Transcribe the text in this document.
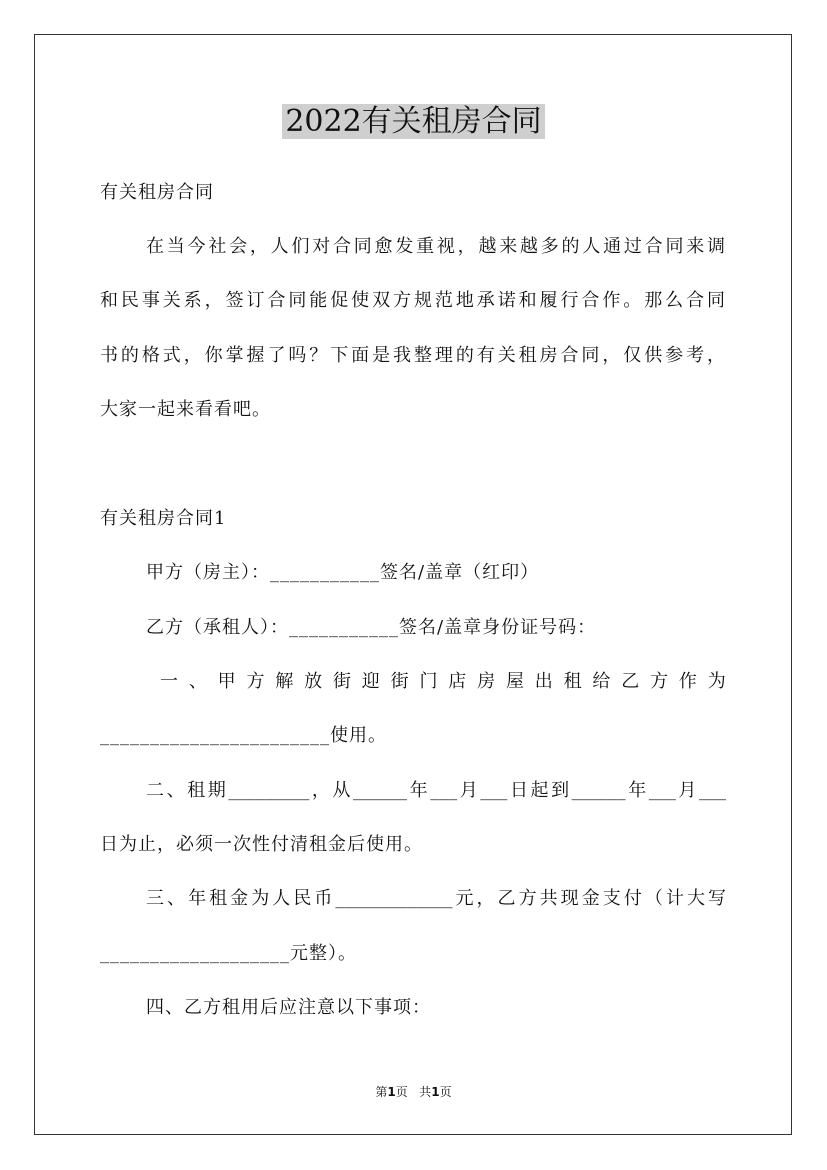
2022有关租房合同
有关租房合同
在当今社会，人们对合同愈发重视，越来越多的人通过合同来调
和民事关系，签订合同能促使双方规范地承诺和履行合作。那么合同
书的格式，你掌握了吗？下面是我整理的有关租房合同，仅供参考，
大家一起来看看吧。
有关租房合同1
甲方（房主）：___________签名/盖章（红印）
乙方（承租人）：___________签名/盖章身份证号码：
一 、 甲 方 解 放 街 迎 街 门 店 房 屋 出 租 给 乙 方 作 为
_______________________使用。
二、租期_________，从______年___月___日起到______年___月___
日为止，必须一次性付清租金后使用。
三、年租金为人民币_____________元，乙方共现金支付（计大写
___________________元整）。
四、乙方租用后应注意以下事项：
第1页 共1页
